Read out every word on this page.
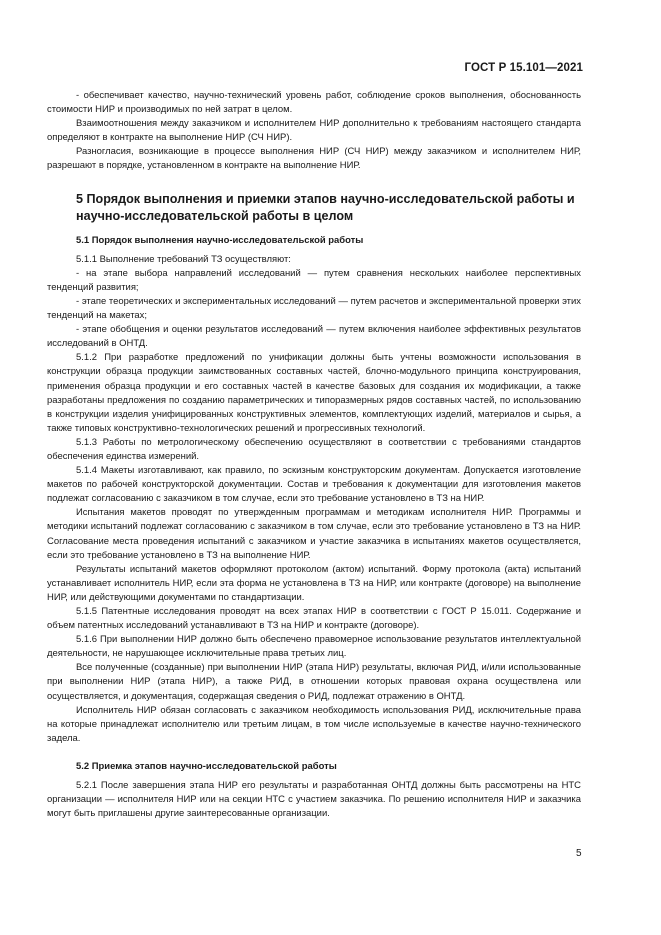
ГОСТ Р 15.101—2021

- обеспечивает качество, научно-технический уровень работ, соблюдение сроков выполнения, обоснованность стоимости НИР и производимых по ней затрат в целом.

Взаимоотношения между заказчиком и исполнителем НИР дополнительно к требованиям настоящего стандарта определяют в контракте на выполнение НИР (СЧ НИР).

Разногласия, возникающие в процессе выполнения НИР (СЧ НИР) между заказчиком и исполнителем НИР, разрешают в порядке, установленном в контракте на выполнение НИР.

5 Порядок выполнения и приемки этапов научно-исследовательской работы и научно-исследовательской работы в целом
5.1 Порядок выполнения научно-исследовательской работы

5.1.1 Выполнение требований ТЗ осуществляют:

- на этапе выбора направлений исследований — путем сравнения нескольких наиболее перспективных тенденций развития;

- этапе теоретических и экспериментальных исследований — путем расчетов и экспериментальной проверки этих тенденций на макетах;

- этапе обобщения и оценки результатов исследований — путем включения наиболее эффективных результатов исследований в ОНТД.

5.1.2 При разработке предложений по унификации должны быть учтены возможности использования в конструкции образца продукции заимствованных составных частей, блочно-модульного принципа конструирования, применения образца продукции и его составных частей в качестве базовых для создания их модификации, а также разработаны предложения по созданию параметрических и типоразмерных рядов составных частей, по использованию в конструкции изделия унифицированных конструктивных элементов, комплектующих изделий, материалов и сырья, а также типовых конструктивно-технологических решений и прогрессивных технологий.

5.1.3 Работы по метрологическому обеспечению осуществляют в соответствии с требованиями стандартов обеспечения единства измерений.

5.1.4 Макеты изготавливают, как правило, по эскизным конструкторским документам. Допускается изготовление макетов по рабочей конструкторской документации. Состав и требования к документации для изготовления макетов подлежат согласованию с заказчиком в том случае, если это требование установлено в ТЗ на НИР.

Испытания макетов проводят по утвержденным программам и методикам исполнителя НИР. Программы и методики испытаний подлежат согласованию с заказчиком в том случае, если это требование установлено в ТЗ на НИР. Согласование места проведения испытаний с заказчиком и участие заказчика в испытаниях макетов осуществляется, если это требование установлено в ТЗ на выполнение НИР.

Результаты испытаний макетов оформляют протоколом (актом) испытаний. Форму протокола (акта) испытаний устанавливает исполнитель НИР, если эта форма не установлена в ТЗ на НИР, или контракте (договоре) на выполнение НИР, или действующими документами по стандартизации.

5.1.5 Патентные исследования проводят на всех этапах НИР в соответствии с ГОСТ Р 15.011. Содержание и объем патентных исследований устанавливают в ТЗ на НИР и контракте (договоре).

5.1.6 При выполнении НИР должно быть обеспечено правомерное использование результатов интеллектуальной деятельности, не нарушающее исключительные права третьих лиц.

Все полученные (созданные) при выполнении НИР (этапа НИР) результаты, включая РИД, и/или использованные при выполнении НИР (этапа НИР), а также РИД, в отношении которых правовая охрана осуществлена или осуществляется, и документация, содержащая сведения о РИД, подлежат отражению в ОНТД.

Исполнитель НИР обязан согласовать с заказчиком необходимость использования РИД, исключительные права на которые принадлежат исполнителю или третьим лицам, в том числе используемые в качестве научно-технического задела.

5.2 Приемка этапов научно-исследовательской работы

5.2.1 После завершения этапа НИР его результаты и разработанная ОНТД должны быть рассмотрены на НТС организации — исполнителя НИР или на секции НТС с участием заказчика. По решению исполнителя НИР и заказчика могут быть приглашены другие заинтересованные организации.

5
